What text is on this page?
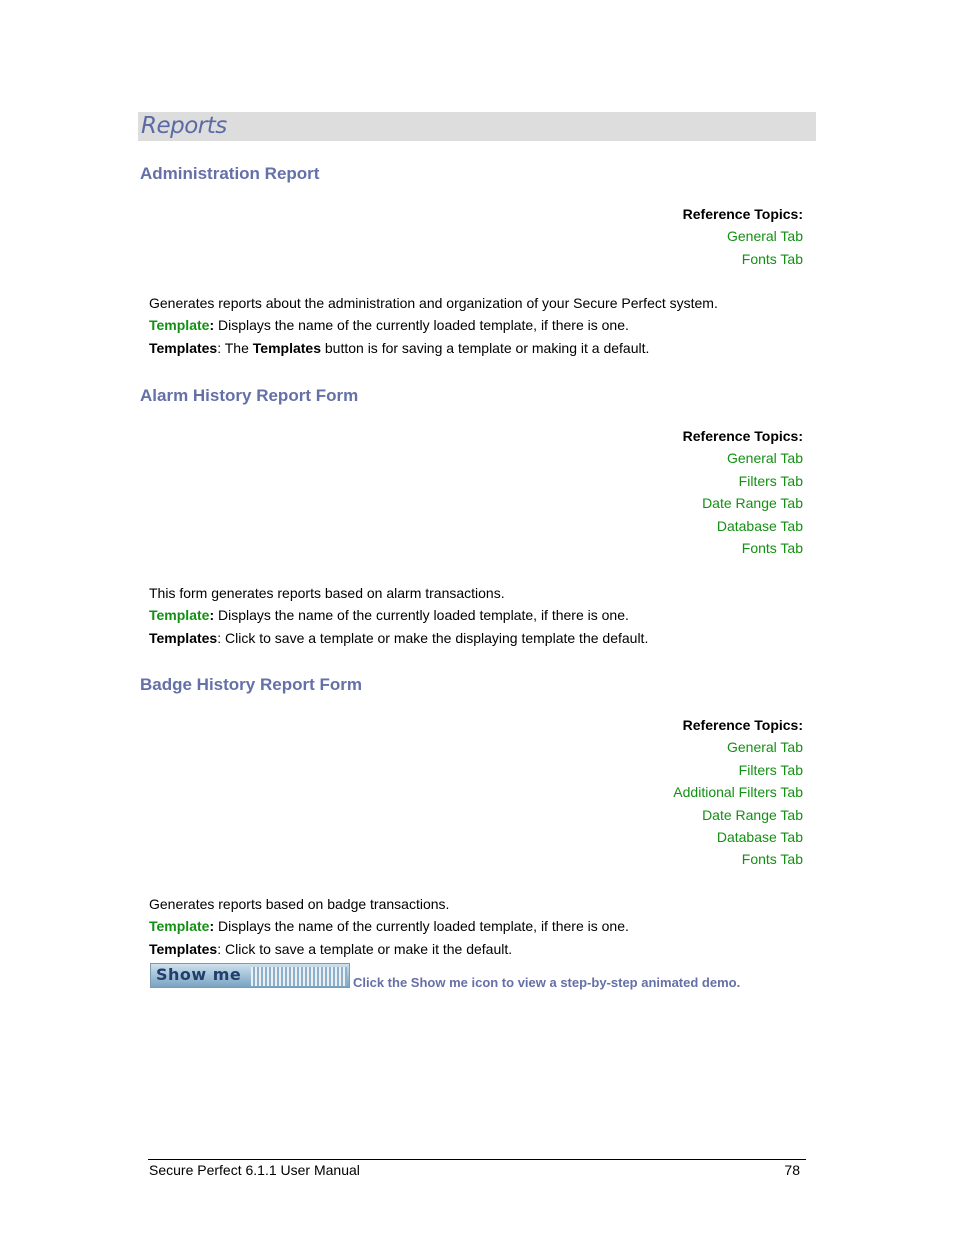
Reports
Administration Report
Reference Topics:
General Tab
Fonts Tab

Generates reports about the administration and organization of your Secure Perfect system.

Template: Displays the name of the currently loaded template, if there is one.

Templates: The Templates button is for saving a template or making it a default.

Alarm History Report Form
Reference Topics:
General Tab
Filters Tab
Date Range Tab
Database Tab
Fonts Tab

This form generates reports based on alarm transactions.

Template: Displays the name of the currently loaded template, if there is one.

Templates: Click to save a template or make the displaying template the default.

Badge History Report Form
Reference Topics:
General Tab
Filters Tab
Additional Filters Tab
Date Range Tab
Database Tab
Fonts Tab

Generates reports based on badge transactions.

Template: Displays the name of the currently loaded template, if there is one.

Templates: Click to save a template or make it the default.

Show me	Click the Show me icon to view a step-by-step animated demo.
Secure Perfect 6.1.1 User Manual	78
